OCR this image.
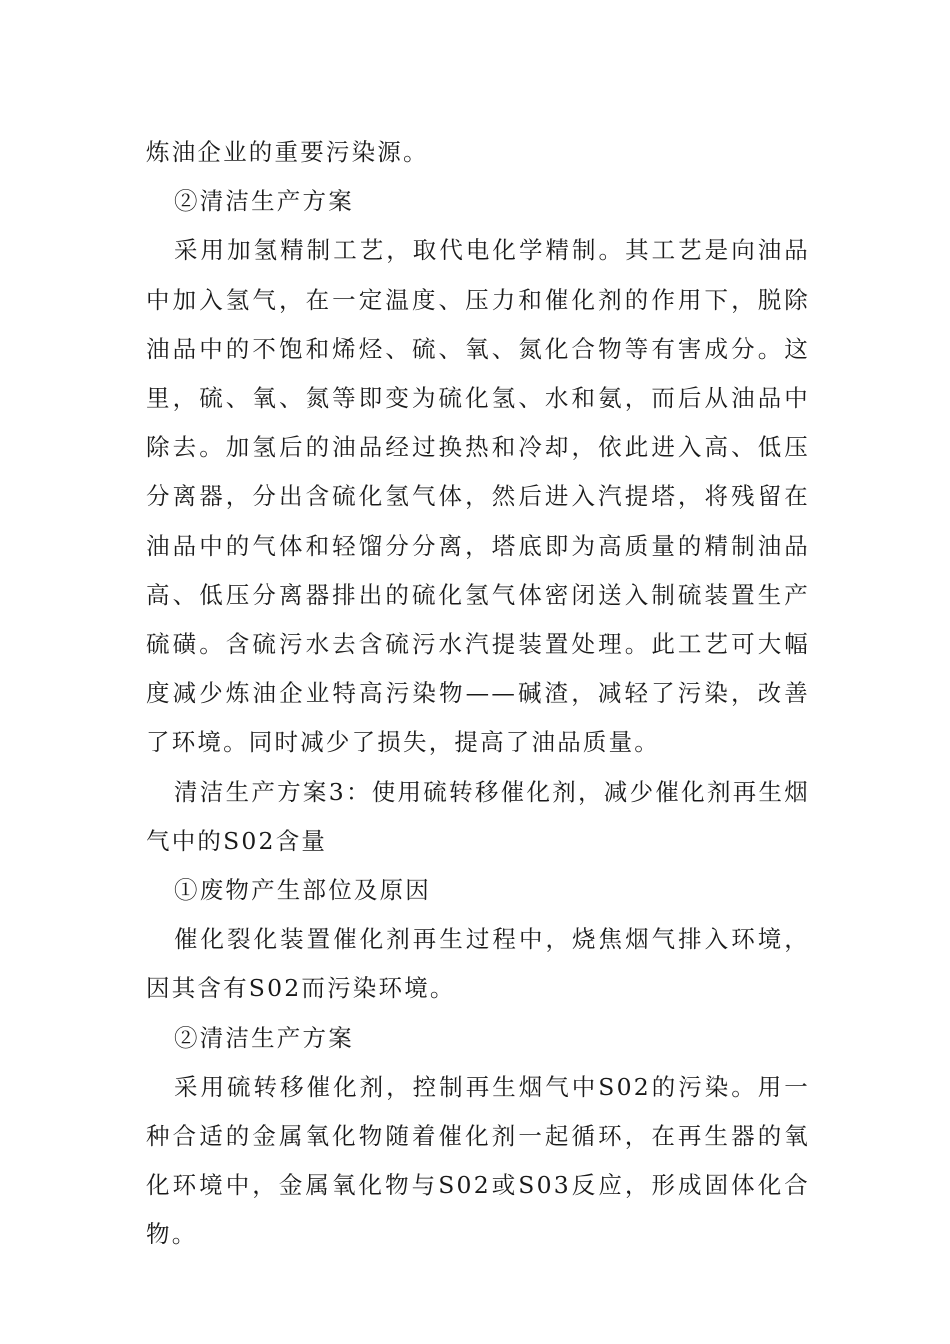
炼油企业的重要污染源。

②清洁生产方案

采用加氢精制工艺，取代电化学精制。其工艺是向油品中加入氢气，在一定温度、压力和催化剂的作用下，脱除油品中的不饱和烯烃、硫、氧、氮化合物等有害成分。这里，硫、氧、氮等即变为硫化氢、水和氨，而后从油品中除去。加氢后的油品经过换热和冷却，依此进入高、低压分离器，分出含硫化氢气体，然后进入汽提塔，将残留在油品中的气体和轻馏分分离，塔底即为高质量的精制油品高、低压分离器排出的硫化氢气体密闭送入制硫装置生产硫磺。含硫污水去含硫污水汽提装置处理。此工艺可大幅度减少炼油企业特高污染物——碱渣，减轻了污染，改善了环境。同时减少了损失，提高了油品质量。

清洁生产方案3：使用硫转移催化剂，减少催化剂再生烟气中的S02含量

①废物产生部位及原因

催化裂化装置催化剂再生过程中，烧焦烟气排入环境，因其含有S02而污染环境。

②清洁生产方案

采用硫转移催化剂，控制再生烟气中S02的污染。用一种合适的金属氧化物随着催化剂一起循环，在再生器的氧化环境中，金属氧化物与S02或S03反应，形成固体化合物。
